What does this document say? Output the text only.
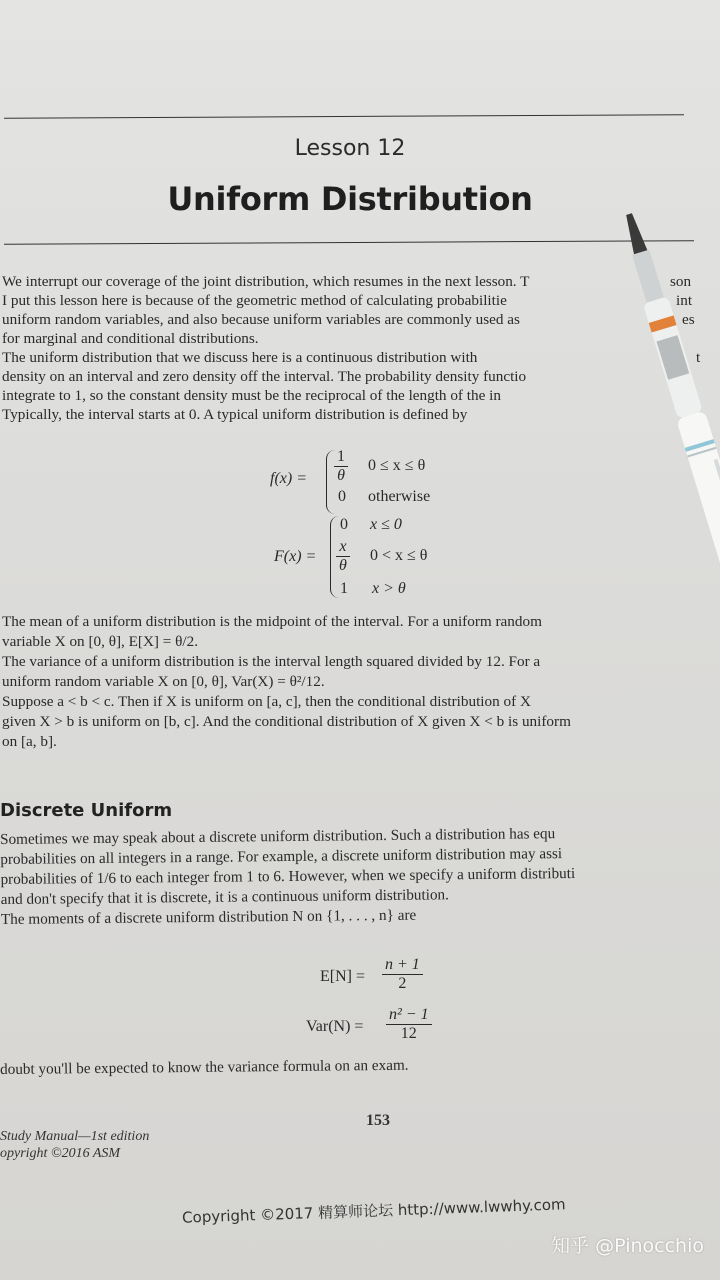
Lesson 12
Uniform Distribution

We interrupt our coverage of the joint distribution, which resumes in the next lesson. T

I put this lesson here is because of the geometric method of calculating probabilitie

uniform random variables, and also because uniform variables are commonly used as

for marginal and conditional distributions.

The uniform distribution that we discuss here is a continuous distribution with

density on an interval and zero density off the interval. The probability density functio

integrate to 1, so the constant density must be the reciprocal of the length of the in

Typically, the interval starts at 0. A typical uniform distribution is defined by

son
int
es
t
$f(x) = \frac{1}{\theta} 0 \le x \le \theta$
0 otherwise
F(x) =
0 x ≤ 0
$\frac{x}{\theta} 0 < x \le \theta$
1 x > θ

The mean of a uniform distribution is the midpoint of the interval. For a uniform random

variable X on [0, θ], E[X] = θ/2.

The variance of a uniform distribution is the interval length squared divided by 12. For a

uniform random variable X on [0, θ], Var(X) = θ²/12.

Suppose a < b < c. Then if X is uniform on [a, c], then the conditional distribution of X

given X > b is uniform on [b, c]. And the conditional distribution of X given X < b is uniform

on [a, b].

Discrete Uniform

Sometimes we may speak about a discrete uniform distribution. Such a distribution has equ

probabilities on all integers in a range. For example, a discrete uniform distribution may assi

probabilities of 1/6 to each integer from 1 to 6. However, when we specify a uniform distributi

and don't specify that it is discrete, it is a continuous uniform distribution.

The moments of a discrete uniform distribution N on {1, . . . , n} are

$E[N] = \frac{n + 1}{2}$
$Var(N) = \frac{\text{n² − 1}}{12}$
doubt you'll be expected to know the variance formula on an exam.
Study Manual—1st edition
opyright ©2016 ASM
153
Copyright ©2017 精算师论坛 http://www.lwwhy.com
知乎 @Pinocchio
